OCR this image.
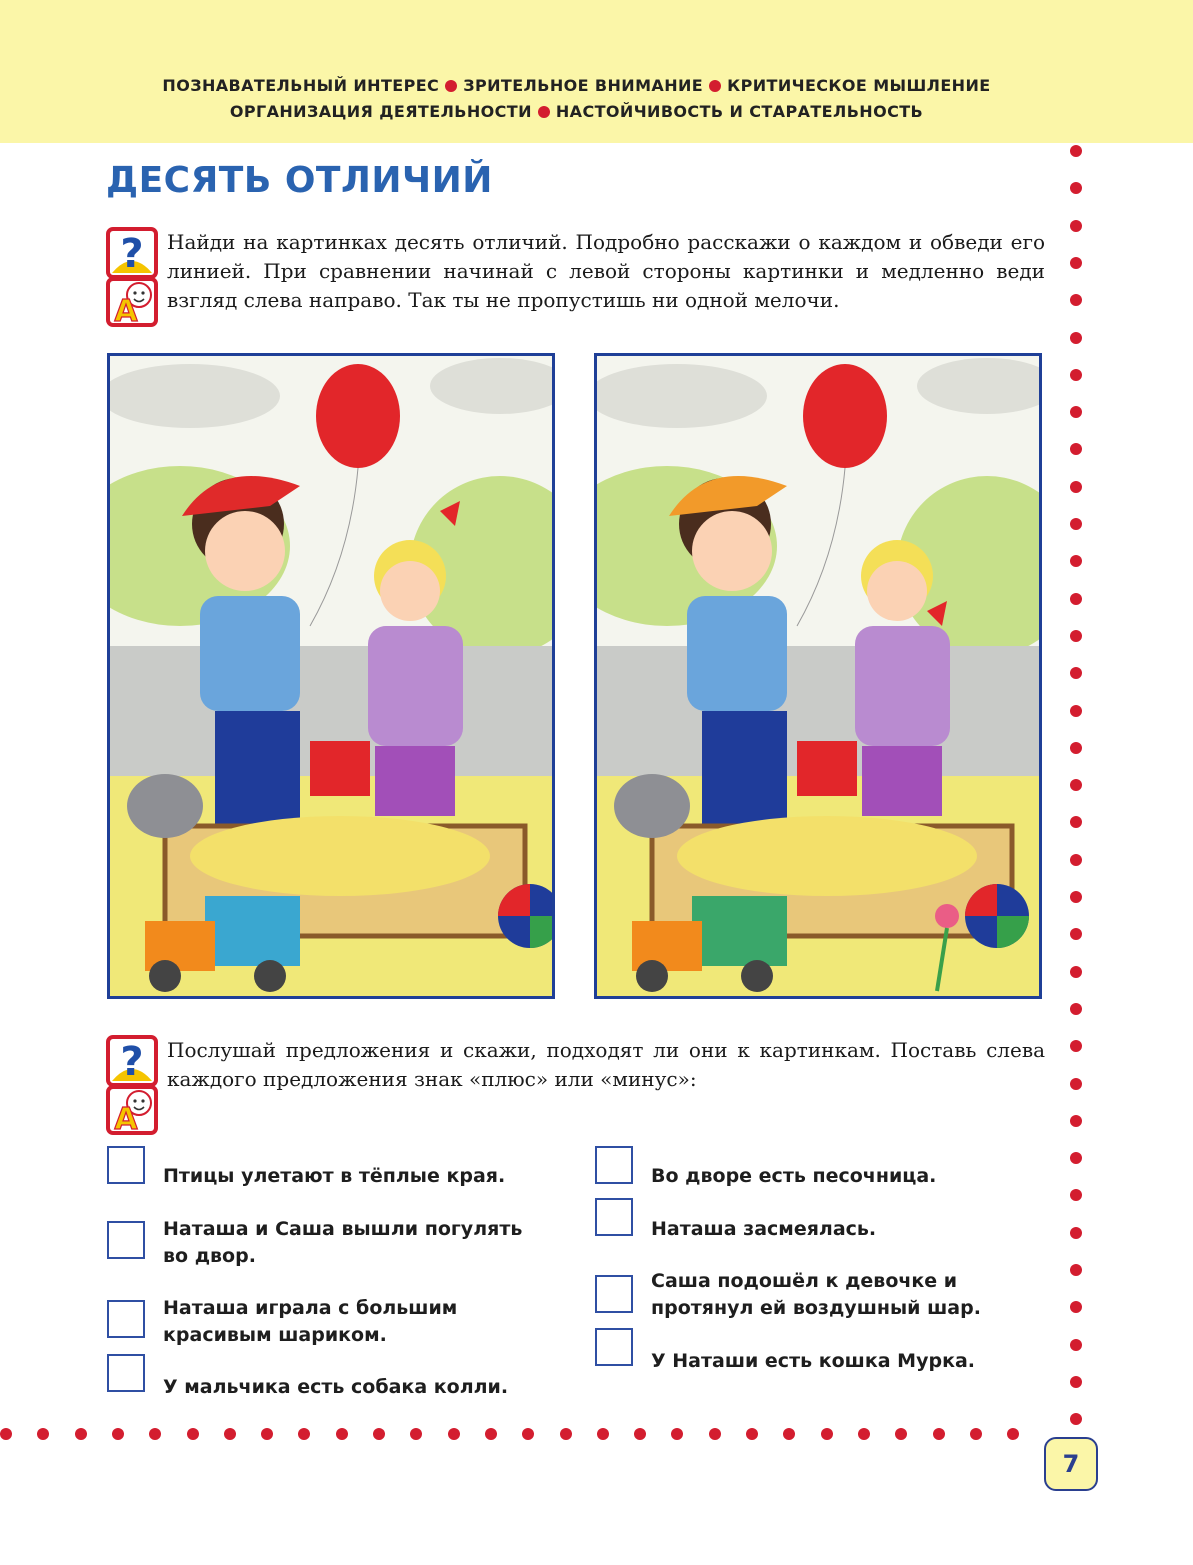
ПОЗНАВАТЕЛЬНЫЙ ИНТЕРЕС ЗРИТЕЛЬНОЕ ВНИМАНИЕ КРИТИЧЕСКОЕ МЫШЛЕНИЕ
ОРГАНИЗАЦИЯ ДЕЯТЕЛЬНОСТИ НАСТОЙЧИВОСТЬ И СТАРАТЕЛЬНОСТЬ
ДЕСЯТЬ ОТЛИЧИЙ
?
А
Найди на картинках десять отличий. Подробно расскажи о каждом и обведи его линией. При сравнении начинай с левой стороны картинки и медленно веди взгляд слева направо. Так ты не пропустишь ни одной мелочи.
?
А
Послушай предложения и скажи, подходят ли они к картинкам. Поставь слева каждого предложения знак «плюс» или «минус»:
Птицы улетают в тёплые края.
Наташа и Саша вышли погулять во двор.
Наташа играла с большим красивым шариком.
У мальчика есть собака колли.
Во дворе есть песочница.
Наташа засмеялась.
Саша подошёл к девочке и протянул ей воздушный шар.
У Наташи есть кошка Мурка.
7
